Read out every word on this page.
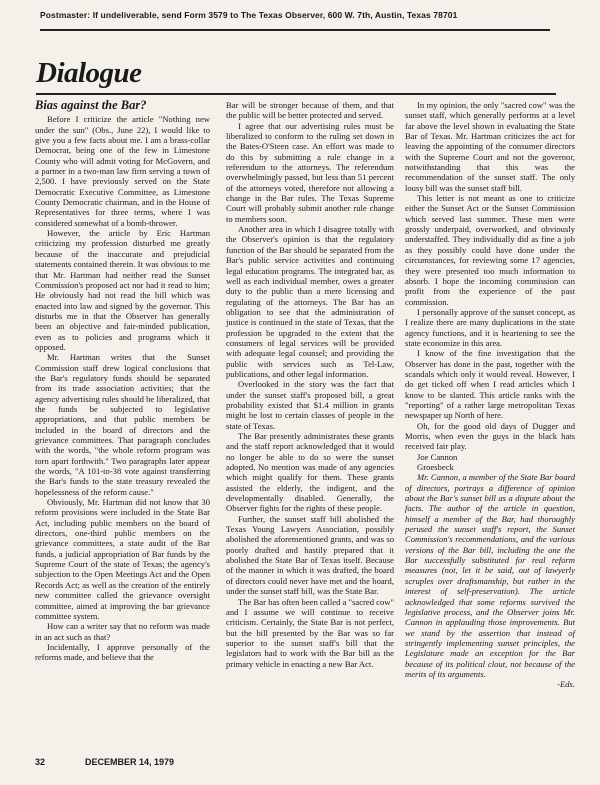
Postmaster: If undeliverable, send Form 3579 to The Texas Observer, 600 W. 7th, Austin, Texas 78701
Dialogue
Bias against the Bar?

Before I criticize the article "Nothing new under the sun" (Obs., June 22), I would like to give you a few facts about me. I am a brass-collar Democrat, being one of the few in Limestone County who will admit voting for McGovern, and a partner in a two-man law firm serving a town of 2,500. I have previously served on the State Democratic Executive Committee, as Limestone County Democratic chairman, and in the House of Representatives for three terms, where I was considered somewhat of a bomb-thrower.

However, the article by Eric Hartman criticizing my profession disturbed me greatly because of the inaccurate and prejudicial statements contained therein. It was obvious to me that Mr. Hartman had neither read the Sunset Commission's proposed act nor had it read to him; He obviously had not read the bill which was enacted into law and signed by the governor. This disturbs me in that the Observer has generally been an objective and fair-minded publication, even as to policies and programs which it opposed.

Mr. Hartman writes that the Sunset Commission staff drew logical conclusions that the Bar's regulatory funds should be separated from its trade association activities; that the agency advertising rules should be liberalized, that the funds be subjected to legislative appropriations, and that public members be included in the board of directors and the grievance committees. That paragraph concludes with the words, "the whole reform program was torn apart forthwith." Two paragraphs later appear the words, "A 101-to-38 vote against transferring the Bar's funds to the state treasury revealed the hopelessness of the reform cause."

Obviously, Mr. Hartman did not know that 30 reform provisions were included in the State Bar Act, including public members on the board of directors, one-third public members on the grievance committees, a state audit of the Bar funds, a judicial appropriation of Bar funds by the Supreme Court of the state of Texas; the agency's subjection to the Open Meetings Act and the Open Records Act; as well as the creation of the entirely new committee called the grievance oversight committee, aimed at improving the bar grievance committee system.

How can a writer say that no reform was made in an act such as that?

Incidentally, I approve personally of the reforms made, and believe that the

Bar will be stronger because of them, and that the public will be better protected and served.

I agree that our advertising rules must be liberalized to conform to the ruling set down in the Bates-O'Steen case. An effort was made to do this by submitting a rule change in a referendum to the attorneys. The referendum overwhelmingly passed, but less than 51 percent of the attorneys voted, therefore not allowing a change in the Bar rules. The Texas Supreme Court will probably submit another rule change to members soon.

Another area in which I disagree totally with the Observer's opinion is that the regulatory function of the Bar should be separated from the Bar's public service activities and continuing legal education programs. The integrated bar, as well as each individual member, owes a greater duty to the public than a mere licensing and regulating of the attorneys. The Bar has an obligation to see that the administration of justice is continued in the state of Texas, that the profession be upgraded to the extent that the consumers of legal services will be provided with adequate legal counsel; and providing the public with services such as Tel-Law, publications, and other legal information.

Overlooked in the story was the fact that under the sunset staff's proposed bill, a great probability existed that $1.4 million in grants might be lost to certain classes of people in the state of Texas.

The Bar presently administrates these grants and the staff report acknowledged that it would no longer be able to do so were the sunset adopted. No mention was made of any agencies which might qualify for them. These grants assisted the elderly, the indigent, and the developmentally disabled. Generally, the Observer fights for the rights of these people.

Further, the sunset staff bill abolished the Texas Young Lawyers Association, possibly abolished the aforementioned grants, and was so poorly drafted and hastily prepared that it abolished the State Bar of Texas itself. Because of the manner in which it was drafted, the board of directors could never have met and the board, under the sunset staff bill, was the State Bar.

The Bar has often been called a "sacred cow" and I assume we will continue to receive criticism. Certainly, the State Bar is not perfect, but the bill presented by the Bar was so far superior to the sunset staff's bill that the legislators had to work with the Bar bill as the primary vehicle in enacting a new Bar Act.

In my opinion, the only "sacred cow" was the sunset staff, which generally performs at a level far above the level shown in evaluating the State Bar of Texas. Mr. Hartman criticizes the act for leaving the appointing of the consumer directors with the Supreme Court and not the governor, notwithstanding that this was the recommendation of the sunset staff. The only lousy bill was the sunset staff bill.

This letter is not meant as one to criticize either the Sunset Act or the Sunset Commission which served last summer. These men were grossly underpaid, overworked, and obviously understaffed. They individually did as fine a job as they possibly could have done under the circumstances, for reviewing some 17 agencies, they were presented too much information to absorb. I hope the incoming commission can profit from the experience of the past commission.

I personally approve of the sunset concept, as I realize there are many duplications in the state agency functions, and it is heartening to see the state economize in this area.

I know of the fine investigation that the Observer has done in the past, together with the scandals which only it would reveal. However, I do get ticked off when I read articles which I know to be slanted. This article ranks with the "reporting" of a rather large metropolitan Texas newspaper up North of here.

Oh, for the good old days of Dugger and Morris, when even the guys in the black hats received fair play.

Joe Cannon

Groesbeck

Mr. Cannon, a member of the State Bar board of directors, portrays a difference of opinion about the Bar's sunset bill as a dispute about the facts. The author of the article in question, himself a member of the Bar, had thoroughly perused the sunset staff's report, the Sunset Commission's recommendations, and the various versions of the Bar bill, including the one the Bar successfully substituted for real reform measures (not, let it be said, out of lawyerly scruples over draftsmanship, but rather in the interest of self-preservation). The article acknowledged that some reforms survived the legislative process, and the Observer joins Mr. Cannon in applauding those improvements. But we stand by the assertion that instead of stringently implementing sunset principles, the Legislature made an exception for the Bar because of its political clout, not because of the merits of its arguments.

-Eds.
32	DECEMBER 14, 1979
